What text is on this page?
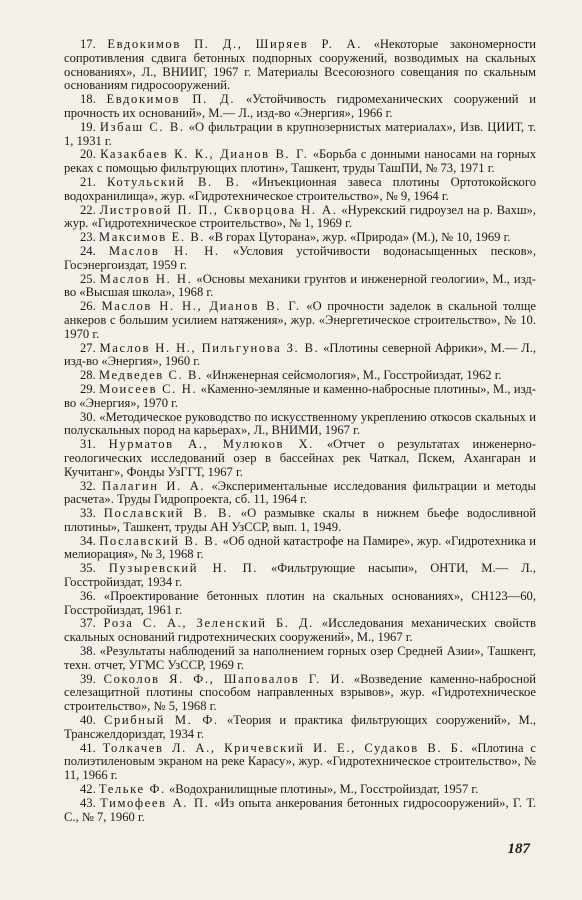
17. Евдокимов П. Д., Ширяев Р. А. «Некоторые закономерности сопротивления сдвига бетонных подпорных сооружений, возводимых на скальных основаниях», Л., ВНИИГ, 1967 г. Материалы Всесоюзного совещания по скальным основаниям гидросооружений.
18. Евдокимов П. Д. «Устойчивость гидромеханических сооружений и прочность их оснований», М.— Л., изд-во «Энергия», 1966 г.
19. Избаш С. В. «О фильтрации в крупнозернистых материалах», Изв. ЦИИТ, т. 1, 1931 г.
20. Казакбаев К. К., Дианов В. Г. «Борьба с донными наносами на горных реках с помощью фильтрующих плотин», Ташкент, труды ТашПИ, № 73, 1971 г.
21. Котульский В. В. «Инъекционная завеса плотины Ортотокойского водохранилища», жур. «Гидротехническое строительство», № 9, 1964 г.
22. Листровой П. П., Скворцова Н. А. «Нурекский гидроузел на р. Вахш», жур. «Гидротехническое строительство», № 1, 1969 г.
23. Максимов Е. В. «В горах Цуторана», жур. «Природа» (М.), № 10, 1969 г.
24. Маслов Н. Н. «Условия устойчивости водонасыщенных песков», Госэнергоиздат, 1959 г.
25. Маслов Н. Н. «Основы механики грунтов и инженерной геологии», М., изд-во «Высшая школа», 1968 г.
26. Маслов Н. Н., Дианов В. Г. «О прочности заделок в скальной толще анкеров с большим усилием натяжения», жур. «Энергетическое строительство», № 10. 1970 г.
27. Маслов Н. Н., Пильгунова З. В. «Плотины северной Африки», М.— Л., изд-во «Энергия», 1960 г.
28. Медведев С. В. «Инженерная сейсмология», М., Госстройиздат, 1962 г.
29. Моисеев С. Н. «Каменно-земляные и каменно-набросные плотины», М., изд-во «Энергия», 1970 г.
30. «Методическое руководство по искусственному укреплению откосов скальных и полускальных пород на карьерах», Л., ВНИМИ, 1967 г.
31. Нурматов А., Мулюков Х. «Отчет о результатах инженерно-геологических исследований озер в бассейнах рек Чаткал, Пскем, Ахангаран и Кучитанг», Фонды УзГГТ, 1967 г.
32. Палагин И. А. «Экспериментальные исследования фильтрации и методы расчета». Труды Гидропроекта, сб. 11, 1964 г.
33. Пославский В. В. «О размывке скалы в нижнем бьефе водосливной плотины», Ташкент, труды АН УзССР, вып. 1, 1949.
34. Пославский В. В. «Об одной катастрофе на Памире», жур. «Гидротехника и мелиорация», № 3, 1968 г.
35. Пузыревский Н. П. «Фильтрующие насыпи», ОНТИ, М.— Л., Госстройиздат, 1934 г.
36. «Проектирование бетонных плотин на скальных основаниях», СН123—60, Госстройиздат, 1961 г.
37. Роза С. А., Зеленский Б. Д. «Исследования механических свойств скальных оснований гидротехнических сооружений», М., 1967 г.
38. «Результаты наблюдений за наполнением горных озер Средней Азии», Ташкент, техн. отчет, УГМС УзССР, 1969 г.
39. Соколов Я. Ф., Шаповалов Г. И. «Возведение каменно-набросной селезащитной плотины способом направленных взрывов», жур. «Гидротехническое строительство», № 5, 1968 г.
40. Срибный М. Ф. «Теория и практика фильтрующих сооружений», М., Трансжелдориздат, 1934 г.
41. Толкачев Л. А., Кричевский И. Е., Судаков В. Б. «Плотина с полиэтиленовым экраном на реке Карасу», жур. «Гидротехническое строительство», № 11, 1966 г.
42. Тельке Ф. «Водохранилищные плотины», М., Госстройиздат, 1957 г.
43. Тимофеев А. П. «Из опыта анкерования бетонных гидросооружений», Г. Т. С., № 7, 1960 г.
187
